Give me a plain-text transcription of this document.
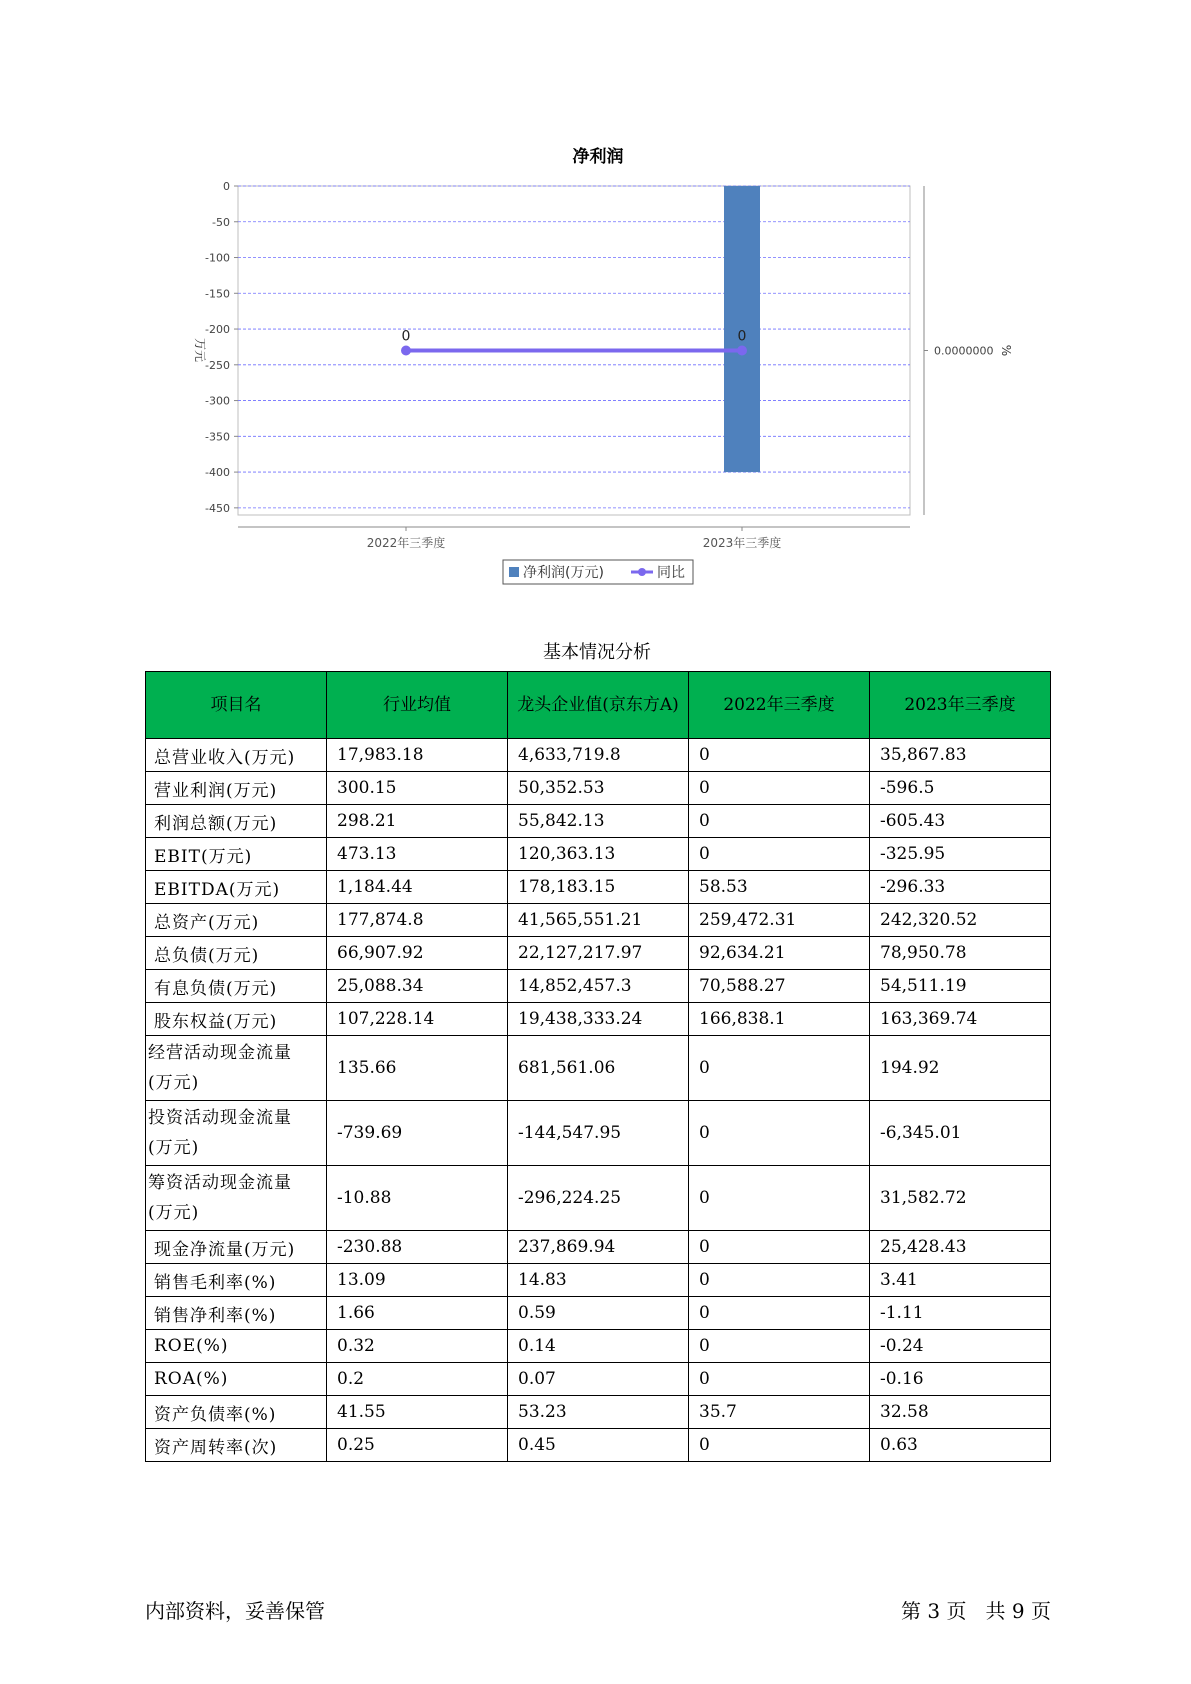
净利润
0
-50
-100
-150
-200
-250
-300
-350
-400
-450
万元	0.0000000 %
2022年三季度	2023年三季度
0	0
净利润(万元)	同比
基本情况分析
项目名	行业均值	龙头企业值(京东方A)	2022年三季度	2023年三季度
总营业收入(万元)	17,983.18	4,633,719.8	0	35,867.83
营业利润(万元)	300.15	50,352.53	0	-596.5
利润总额(万元)	298.21	55,842.13	0	-605.43
EBIT(万元)	473.13	120,363.13	0	-325.95
EBITDA(万元)	1,184.44	178,183.15	58.53	-296.33
总资产(万元)	177,874.8	41,565,551.21	259,472.31	242,320.52
总负债(万元)	66,907.92	22,127,217.97	92,634.21	78,950.78
有息负债(万元)	25,088.34	14,852,457.3	70,588.27	54,511.19
股东权益(万元)	107,228.14	19,438,333.24	166,838.1	163,369.74
经营活动现金流量(万元)	135.66	681,561.06	0	194.92
投资活动现金流量(万元)	-739.69	-144,547.95	0	-6,345.01
筹资活动现金流量(万元)	-10.88	-296,224.25	0	31,582.72
现金净流量(万元)	-230.88	237,869.94	0	25,428.43
销售毛利率(%)	13.09	14.83	0	3.41
销售净利率(%)	1.66	0.59	0	-1.11
ROE(%)	0.32	0.14	0	-0.24
ROA(%)	0.2	0.07	0	-0.16
资产负债率(%)	41.55	53.23	35.7	32.58
资产周转率(次)	0.25	0.45	0	0.63
内部资料，妥善保管	第 3 页   共 9 页
